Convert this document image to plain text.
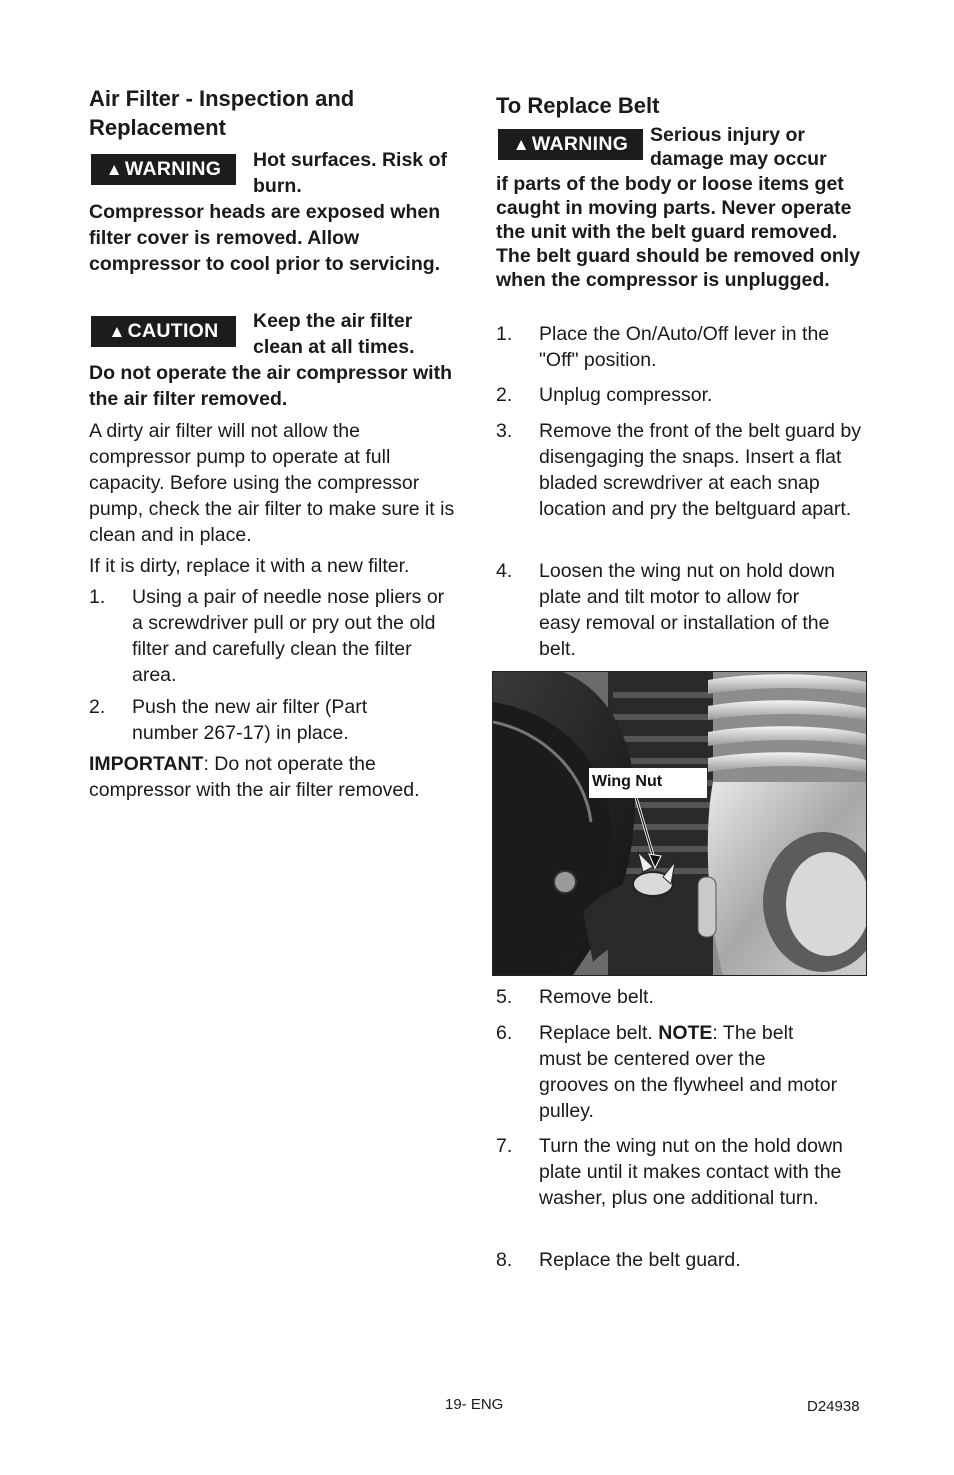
Air Filter - Inspection and Replacement
▲ WARNING	Hot surfaces. Risk of burn.

Compressor heads are exposed when filter cover is removed. Allow compressor to cool prior to servicing.

▲ CAUTION	Keep the air filter clean at all times.

Do not operate the air compressor with the air filter removed.

A dirty air filter will not allow the compressor pump to operate at full capacity. Before using the compressor pump, check the air filter to make sure it is clean and in place.

If it is dirty, replace it with a new filter.

1. Using a pair of needle nose pliers or a screwdriver pull or pry out the old filter and carefully clean the filter area.
2. Push the new air filter (Part number 267-17) in place.

IMPORTANT: Do not operate the compressor with the air filter removed.

To Replace Belt
▲ WARNING	Serious injury or damage may occur

if parts of the body or loose items get caught in moving parts. Never operate the unit with the belt guard removed. The belt guard should be removed only when the compressor is unplugged.

1. Place the On/Auto/Off lever in the "Off" position.
2. Unplug compressor.
3. Remove the front of the belt guard by disengaging the snaps. Insert a flat bladed screwdriver at each snap location and pry the beltguard apart.
4. Loosen the wing nut on hold down plate and tilt motor to allow for easy removal or installation of the belt.
Wing Nut
5. Remove belt.
6. Replace belt. NOTE: The belt must be centered over the grooves on the flywheel and motor pulley.
7. Turn the wing nut on the hold down plate until it makes contact with the washer, plus one additional turn.
8. Replace the belt guard.
19- ENG	D24938
